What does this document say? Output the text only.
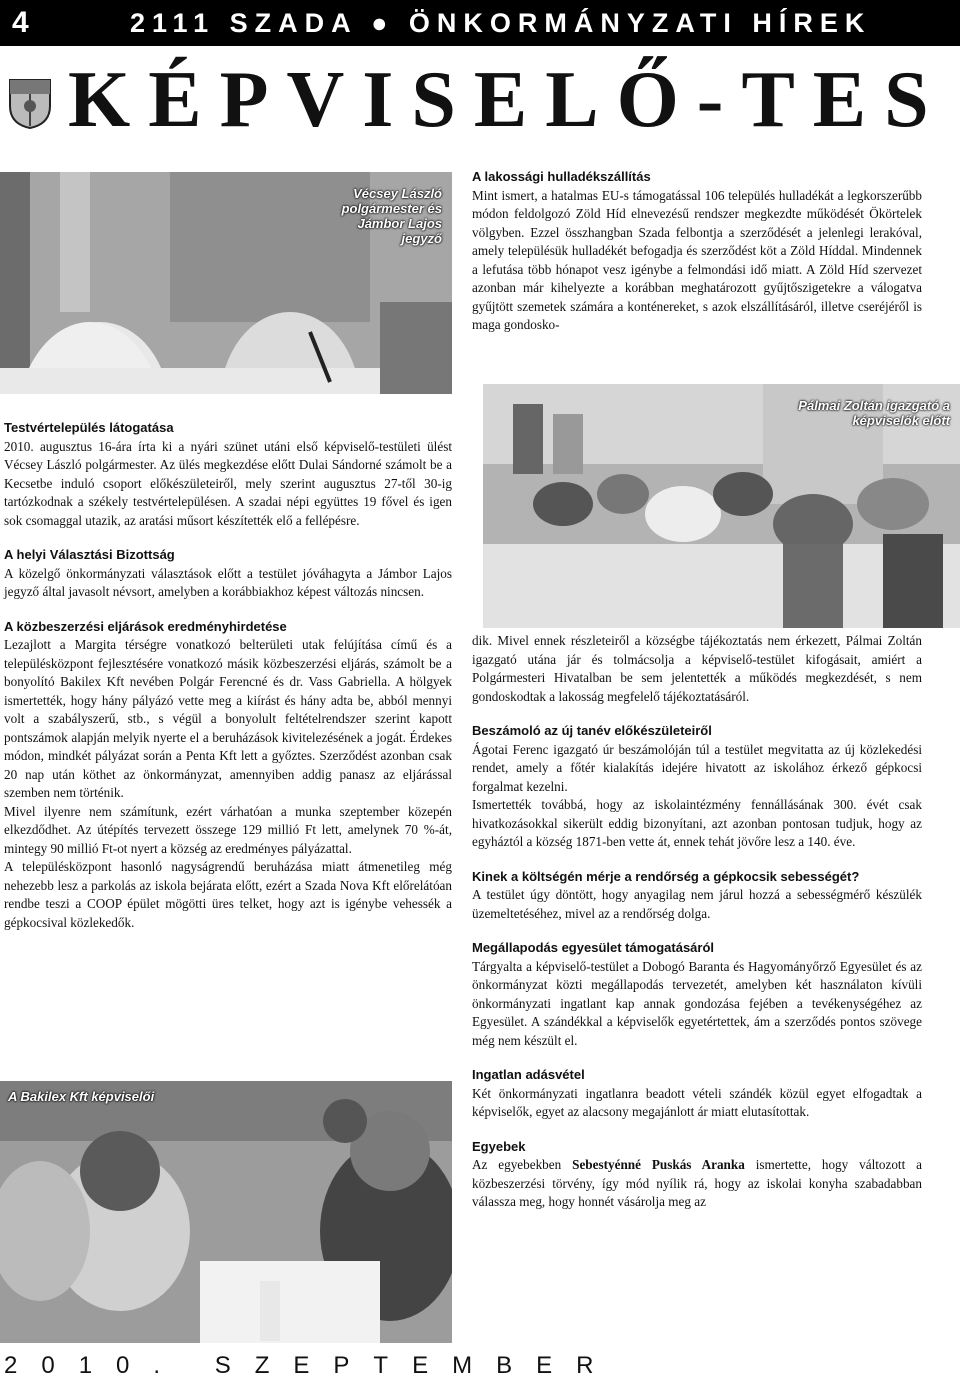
4	2111 SZADA ● ÖNKORMÁNYZATI HÍREK
KÉPVISELŐ-TES
Vécsey László polgármester és Jámbor Lajos jegyző
Pálmai Zoltán igazgató a képviselők előtt
A Bakilex Kft képviselői
A lakossági hulladékszállítás

Mint ismert, a hatalmas EU-s támogatással 106 település hulladékát a legkorszerűbb módon feldolgozó Zöld Híd elnevezésű rendszer megkezdte működését Ökörtelek völgyben. Ezzel összhangban Szada felbontja a szerződését a jelenlegi lerakóval, amely településük hulladékét befogadja és szerződést köt a Zöld Híddal. Mindennek a lefutása több hónapot vesz igénybe a felmondási idő miatt. A Zöld Híd szervezet azonban már kihelyezte a korábban meghatározott gyűjtőszigetekre a válogatva gyűjtött szemetek számára a konténereket, s azok elszállításáról, illetve cseréjéről is maga gondosko-

Testvértelepülés látogatása

2010. augusztus 16-ára írta ki a nyári szünet utáni első képviselő-testületi ülést Vécsey László polgármester. Az ülés megkezdése előtt Dulai Sándorné számolt be a Kecsetbe induló csoport előkészületeiről, mely szerint augusztus 27-től 30-ig tartózkodnak a székely testvértelepülésen. A szadai népi együttes 19 fővel és igen sok csomaggal utazik, az aratási műsort készítették elő a fellépésre.

A helyi Választási Bizottság

A közelgő önkormányzati választások előtt a testület jóváhagyta a Jámbor Lajos jegyző által javasolt névsort, amelyben a korábbiakhoz képest változás nincsen.

A közbeszerzési eljárások eredményhirdetése

Lezajlott a Margita térségre vonatkozó belterületi utak felújítása című és a településközpont fejlesztésére vonatkozó másik közbeszerzési eljárás, számolt be a bonyolító Bakilex Kft nevében Polgár Ferencné és dr. Vass Gabriella. A hölgyek ismertették, hogy hány pályázó vette meg a kiírást és hány adta be, abból mennyi volt a szabályszerű, stb., s végül a bonyolult feltételrendszer szerint kapott pontszámok alapján melyik nyerte el a beruházások kivitelezésének a jogát. Érdekes módon, mindkét pályázat során a Penta Kft lett a győztes. Szerződést azonban csak 20 nap után köthet az önkormányzat, amennyiben addig panasz az eljárással szemben nem történik.

Mivel ilyenre nem számítunk, ezért várhatóan a munka szeptember közepén elkezdődhet. Az útépítés tervezett összege 129 millió Ft lett, amelynek 70 %-át, mintegy 90 millió Ft-ot nyert a község az eredményes pályázattal.

A településközpont hasonló nagyságrendű beruházása miatt átmenetileg még nehezebb lesz a parkolás az iskola bejárata előtt, ezért a Szada Nova Kft előrelátóan rendbe teszi a COOP épület mögötti üres telket, hogy azt is igénybe vehessék a gépkocsival közlekedők.

dik. Mivel ennek részleteiről a községbe tájékoztatás nem érkezett, Pálmai Zoltán igazgató utána jár és tolmácsolja a képviselő-testület kifogásait, amiért a Polgármesteri Hivatalban be sem jelentették a működés megkezdését, s nem gondoskodtak a lakosság megfelelő tájékoztatásáról.

Beszámoló az új tanév előkészületeiről

Ágotai Ferenc igazgató úr beszámolóján túl a testület megvitatta az új közlekedési rendet, amely a főtér kialakítás idejére hivatott az iskolához érkező gépkocsi forgalmat kezelni.

Ismertették továbbá, hogy az iskolaintézmény fennállásának 300. évét csak hivatkozásokkal sikerült eddig bizonyítani, azt azonban pontosan tudjuk, hogy az egyháztól a község 1871-ben vette át, ennek tehát jövőre lesz a 140. éve.

Kinek a költségén mérje a rendőrség a gépkocsik sebességét?

A testület úgy döntött, hogy anyagilag nem járul hozzá a sebességmérő készülék üzemeltetéséhez, mivel az a rendőrség dolga.

Megállapodás egyesület támogatásáról

Tárgyalta a képviselő-testület a Dobogó Baranta és Hagyományőrző Egyesület és az önkormányzat közti megállapodás tervezetét, amelyben két használaton kívüli önkormányzati ingatlant kap annak gondozása fejében a tevékenységéhez az Egyesület. A szándékkal a képviselők egyetértettek, ám a szerződés pontos szövege még nem készült el.

Ingatlan adásvétel

Két önkormányzati ingatlanra beadott vételi szándék közül egyet elfogadtak a képviselők, egyet az alacsony megajánlott ár miatt elutasítottak.

Egyebek

Az egyebekben Sebestyénné Puskás Aranka ismertette, hogy változott a közbeszerzési törvény, így mód nyílik rá, hogy az iskolai konyha szabadabban válassza meg, hogy honnét vásárolja meg az

2010. SZEPTEMBER
